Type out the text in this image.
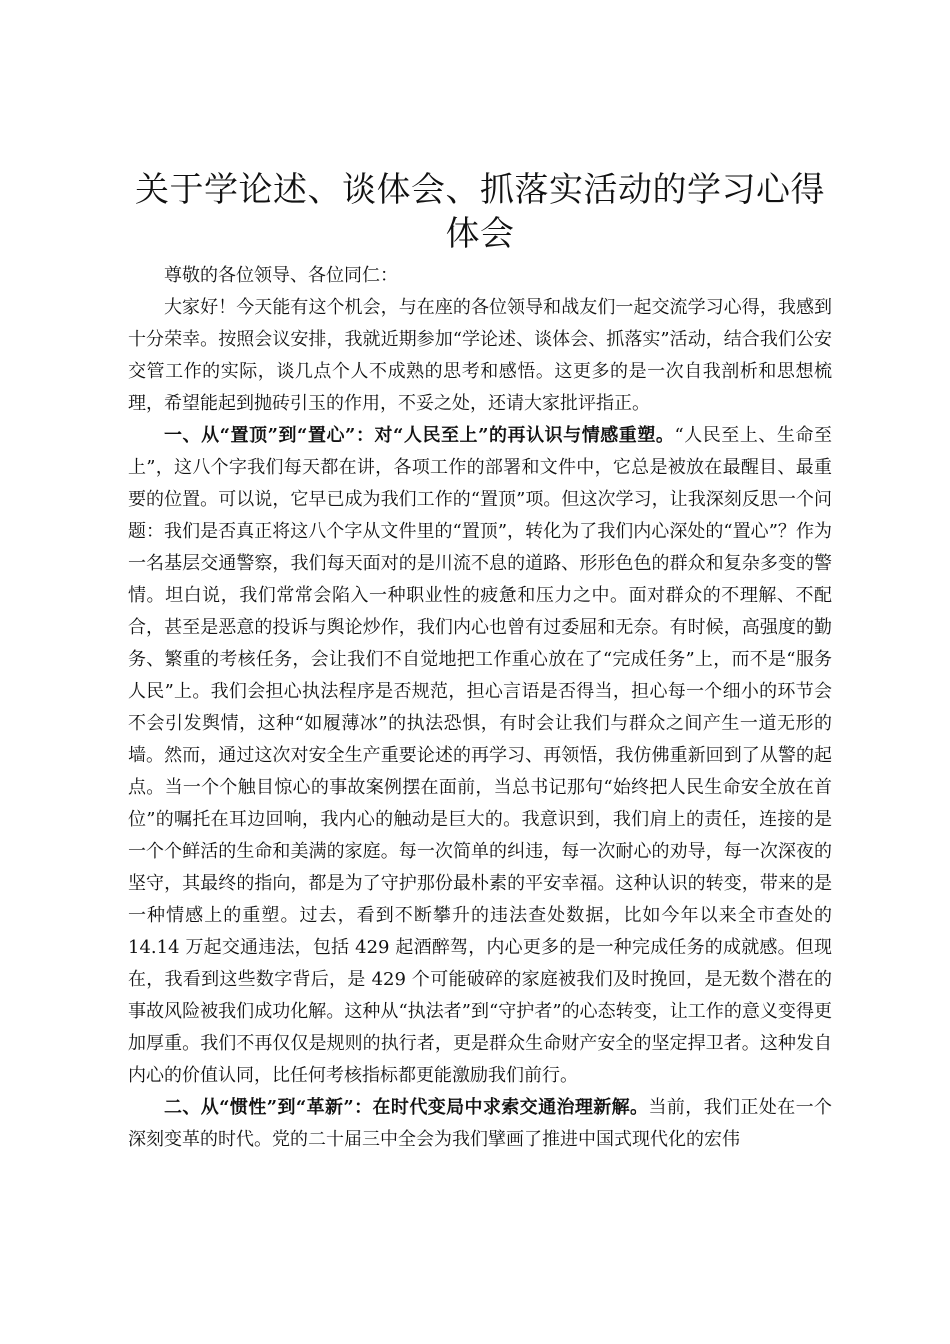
关于学论述、谈体会、抓落实活动的学习心得体会

尊敬的各位领导、各位同仁：

大家好！今天能有这个机会，与在座的各位领导和战友们一起交流学习心得，我感到十分荣幸。按照会议安排，我就近期参加“学论述、谈体会、抓落实”活动，结合我们公安交管工作的实际，谈几点个人不成熟的思考和感悟。这更多的是一次自我剖析和思想梳理，希望能起到抛砖引玉的作用，不妥之处，还请大家批评指正。

一、从“置顶”到“置心”：对“人民至上”的再认识与情感重塑。“人民至上、生命至上”，这八个字我们每天都在讲，各项工作的部署和文件中，它总是被放在最醒目、最重要的位置。可以说，它早已成为我们工作的“置顶”项。但这次学习，让我深刻反思一个问题：我们是否真正将这八个字从文件里的“置顶”，转化为了我们内心深处的“置心”？作为一名基层交通警察，我们每天面对的是川流不息的道路、形形色色的群众和复杂多变的警情。坦白说，我们常常会陷入一种职业性的疲惫和压力之中。面对群众的不理解、不配合，甚至是恶意的投诉与舆论炒作，我们内心也曾有过委屈和无奈。有时候，高强度的勤务、繁重的考核任务，会让我们不自觉地把工作重心放在了“完成任务”上，而不是“服务人民”上。我们会担心执法程序是否规范，担心言语是否得当，担心每一个细小的环节会不会引发舆情，这种“如履薄冰”的执法恐惧，有时会让我们与群众之间产生一道无形的墙。然而，通过这次对安全生产重要论述的再学习、再领悟，我仿佛重新回到了从警的起点。当一个个触目惊心的事故案例摆在面前，当总书记那句“始终把人民生命安全放在首位”的嘱托在耳边回响，我内心的触动是巨大的。我意识到，我们肩上的责任，连接的是一个个鲜活的生命和美满的家庭。每一次简单的纠违，每一次耐心的劝导，每一次深夜的坚守，其最终的指向，都是为了守护那份最朴素的平安幸福。这种认识的转变，带来的是一种情感上的重塑。过去，看到不断攀升的违法查处数据，比如今年以来全市查处的 14.14 万起交通违法，包括 429 起酒醉驾，内心更多的是一种完成任务的成就感。但现在，我看到这些数字背后，是 429 个可能破碎的家庭被我们及时挽回，是无数个潜在的事故风险被我们成功化解。这种从“执法者”到“守护者”的心态转变，让工作的意义变得更加厚重。我们不再仅仅是规则的执行者，更是群众生命财产安全的坚定捍卫者。这种发自内心的价值认同，比任何考核指标都更能激励我们前行。

二、从“惯性”到“革新”：在时代变局中求索交通治理新解。当前，我们正处在一个深刻变革的时代。党的二十届三中全会为我们擘画了推进中国式现代化的宏伟
